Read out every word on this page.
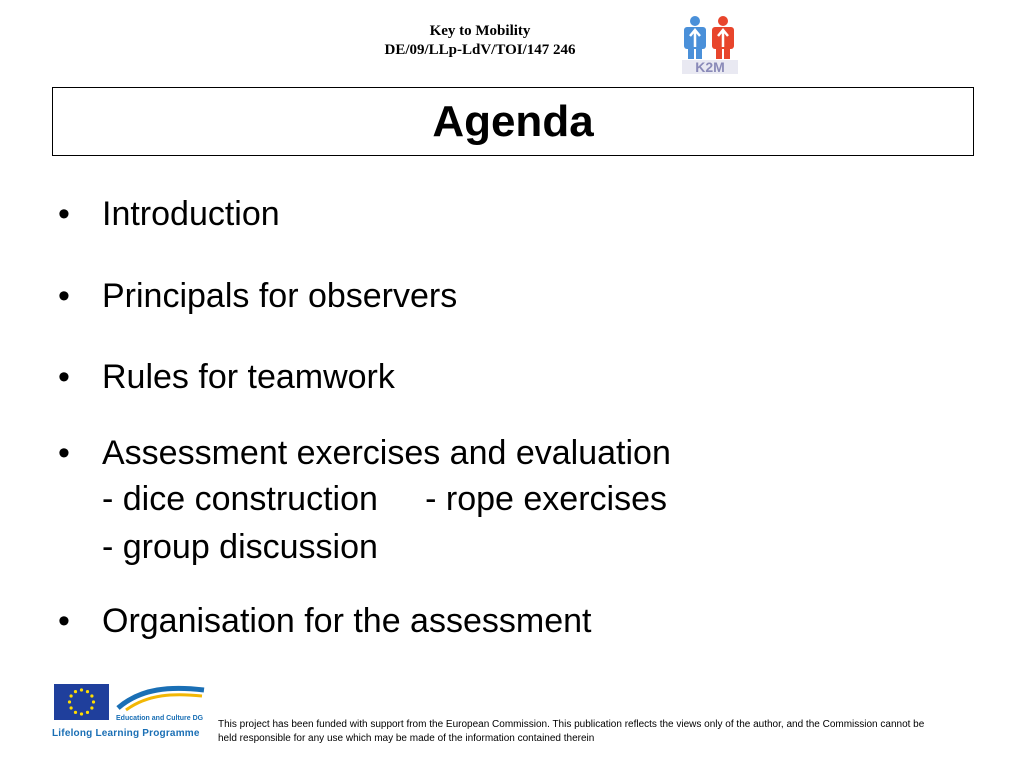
Key to Mobility
DE/09/LLp-LdV/TOI/147 246
K2M
Agenda
• Introduction
• Principals for observers
• Rules for teamwork
• Assessment exercises and evaluation
- dice construction     - rope exercises
- group discussion
• Organisation for the assessment
Education and Culture DG
Lifelong Learning Programme
This project has been funded with support from the European Commission. This publication reflects the views only of the author, and the Commission cannot be held responsible for any use which may be made of the information contained therein
